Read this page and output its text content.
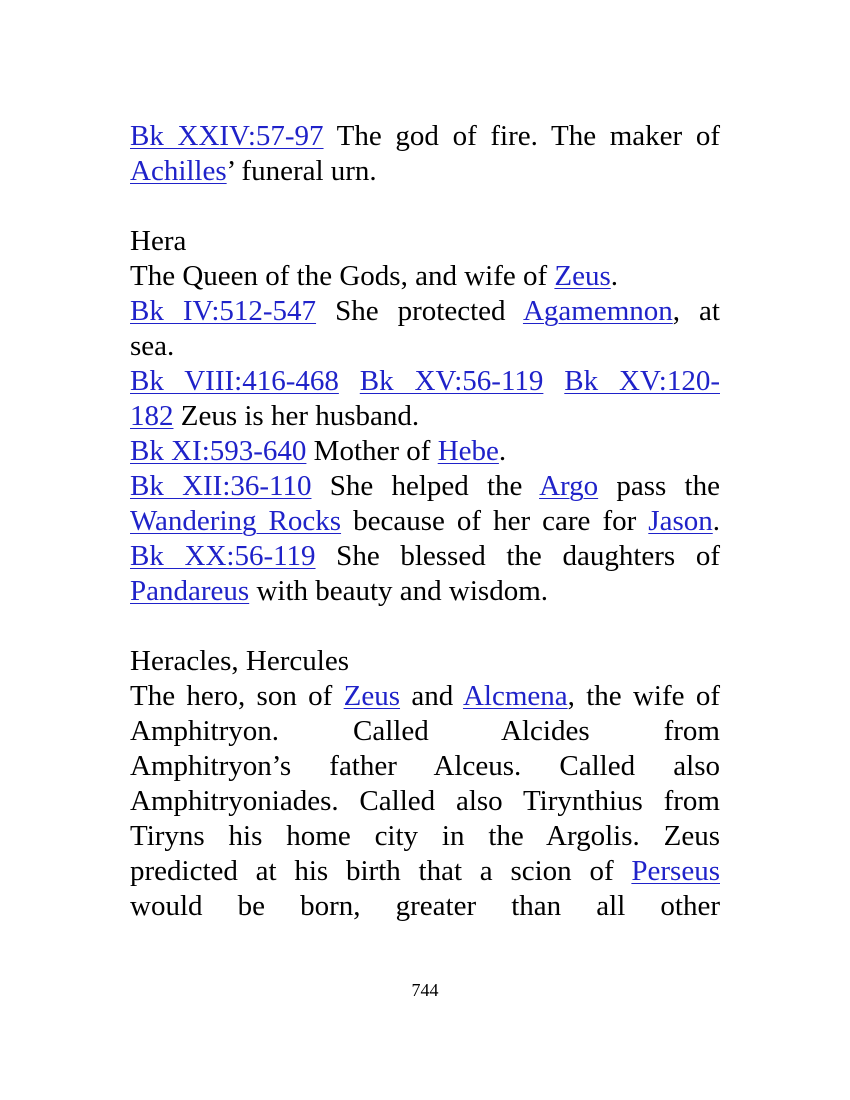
Bk XXIV:57-97 The god of fire. The maker of
Achilles’ funeral urn.
Hera
The Queen of the Gods, and wife of Zeus.
Bk IV:512-547 She protected Agamemnon, at
sea.
Bk VIII:416-468 Bk XV:56-119 Bk XV:120-
182 Zeus is her husband.
Bk XI:593-640 Mother of Hebe.
Bk XII:36-110 She helped the Argo pass the
Wandering Rocks because of her care for Jason.
Bk XX:56-119 She blessed the daughters of
Pandareus with beauty and wisdom.
Heracles, Hercules
The hero, son of Zeus and Alcmena, the wife of
Amphitryon. Called Alcides from
Amphitryon’s father Alceus. Called also
Amphitryoniades. Called also Tirynthius from
Tiryns his home city in the Argolis. Zeus
predicted at his birth that a scion of Perseus
would be born, greater than all other
744
